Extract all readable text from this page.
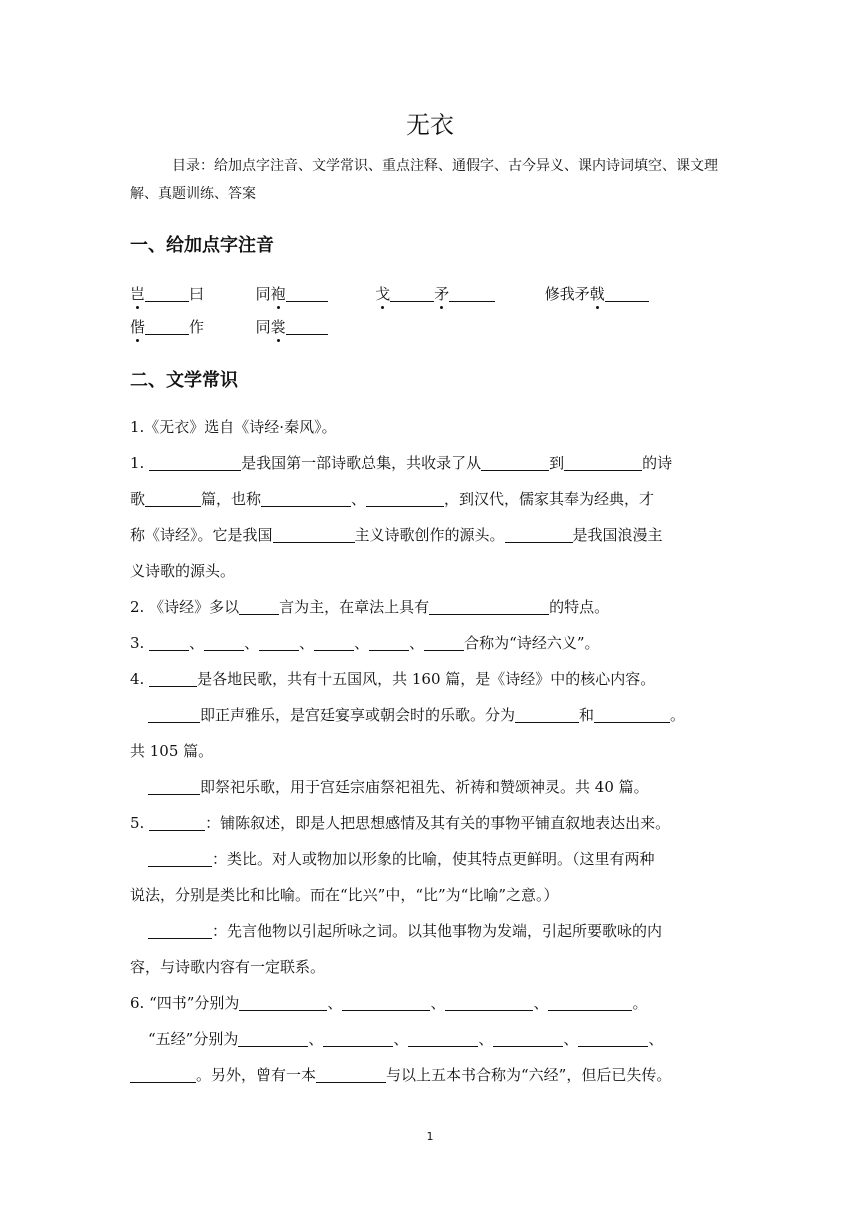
无衣
目录：给加点字注音、文学常识、重点注释、通假字、古今异义、课内诗词填空、课文理解、真题训练、答案
一、给加点字注音
岂	曰	同袍	戈	矛	修我矛戟
偕	作	同裳
二、文学常识
1.《无衣》选自《诗经·秦风》。
1.	是我国第一部诗歌总集，共收录了从	到	的诗
歌	篇，也称	、	，到汉代，儒家其奉为经典，才
称《诗经》。它是我国	主义诗歌创作的源头。	是我国浪漫主
义诗歌的源头。
2. 《诗经》多以	言为主，在章法上具有	的特点。
3.	、	、	、	、	、	合称为“诗经六义”。
4.	是各地民歌，共有十五国风，共 160 篇，是《诗经》中的核心内容。
即正声雅乐，是宫廷宴享或朝会时的乐歌。分为	和	。
共 105 篇。
即祭祀乐歌，用于宫廷宗庙祭祀祖先、祈祷和赞颂神灵。共 40 篇。
5.	：铺陈叙述，即是人把思想感情及其有关的事物平铺直叙地表达出来。
：类比。对人或物加以形象的比喻，使其特点更鲜明。（这里有两种
说法，分别是类比和比喻。而在“比兴”中，“比”为“比喻”之意。）
：先言他物以引起所咏之词。以其他事物为发端，引起所要歌咏的内
容，与诗歌内容有一定联系。
6. “四书”分别为	、	、	、	。
“五经”分别为	、	、	、	、	、
。另外，曾有一本	与以上五本书合称为“六经”，但后已失传。
1
